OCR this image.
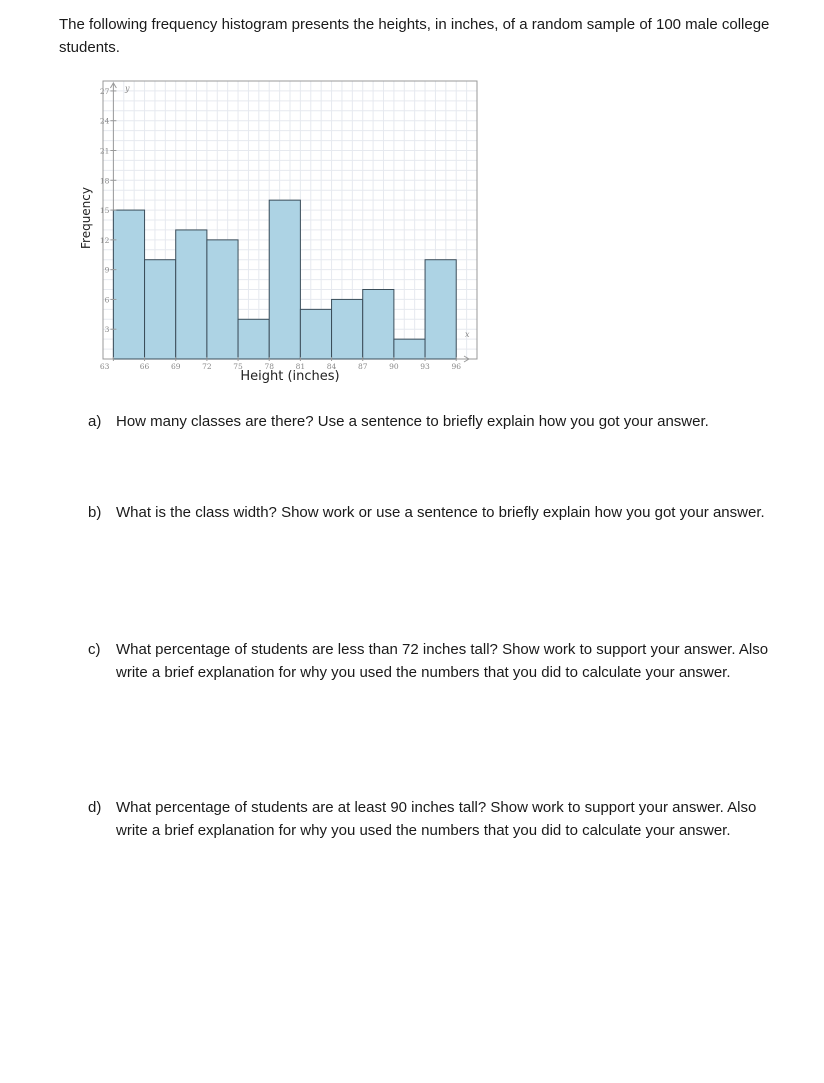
The following frequency histogram presents the heights, in inches, of a random sample of 100 male college students.

63	66	69	72	75	78	81	84	87	90	93	96
3
6
9
12
15
18
21
24
27
x
y
Height (inches)
Frequency
a) How many classes are there? Use a sentence to briefly explain how you got your answer.
b) What is the class width? Show work or use a sentence to briefly explain how you got your answer.
c) What percentage of students are less than 72 inches tall? Show work to support your answer. Also write a brief explanation for why you used the numbers that you did to calculate your answer.
d) What percentage of students are at least 90 inches tall? Show work to support your answer. Also write a brief explanation for why you used the numbers that you did to calculate your answer.
